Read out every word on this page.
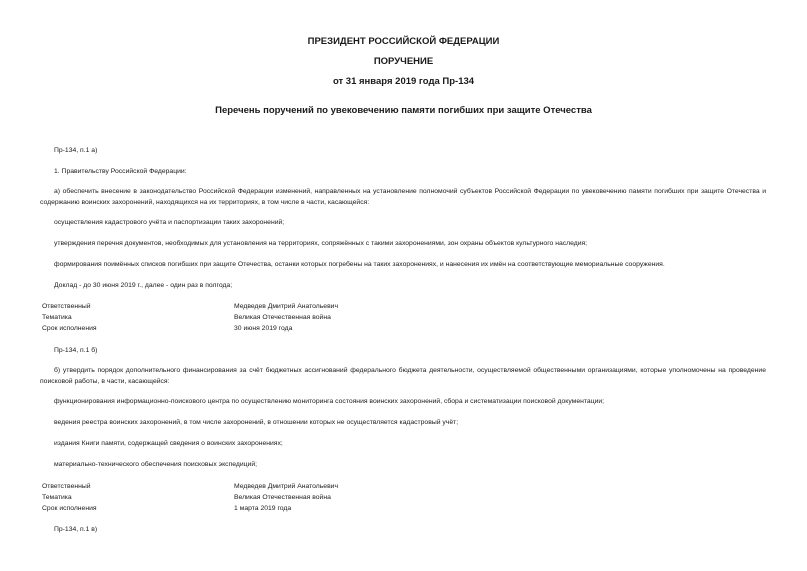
ПРЕЗИДЕНТ РОССИЙСКОЙ ФЕДЕРАЦИИ
ПОРУЧЕНИЕ
от 31 января 2019 года Пр-134
Перечень поручений по увековечению памяти погибших при защите Отечества
Пр-134, п.1 а)
1. Правительству Российской Федерации:
а) обеспечить внесение в законодательство Российской Федерации изменений, направленных на установление полномочий субъектов Российской Федерации по увековечению памяти погибших при защите Отечества и содержанию воинских захоронений, находящихся на их территориях, в том числе в части, касающейся:
осуществления кадастрового учёта и паспортизации таких захоронений;
утверждения перечня документов, необходимых для установления на территориях, сопряжённых с такими захоронениями, зон охраны объектов культурного наследия;
формирования поимённых списков погибших при защите Отечества, останки которых погребены на таких захоронениях, и нанесения их имён на соответствующие мемориальные сооружения.
Доклад - до 30 июня 2019 г., далее - один раз в полгода;
Ответственный	Медведев Дмитрий Анатольевич
Тематика	Великая Отечественная война
Срок исполнения	30 июня 2019 года
Пр-134, п.1 б)
б) утвердить порядок дополнительного финансирования за счёт бюджетных ассигнований федерального бюджета деятельности, осуществляемой общественными организациями, которые уполномочены на проведение поисковой работы, в части, касающейся:
функционирования информационно-поискового центра по осуществлению мониторинга состояния воинских захоронений, сбора и систематизации поисковой документации;
ведения реестра воинских захоронений, в том числе захоронений, в отношении которых не осуществляется кадастровый учёт;
издания Книги памяти, содержащей сведения о воинских захоронениях;
материально-технического обеспечения поисковых экспедиций;
Ответственный	Медведев Дмитрий Анатольевич
Тематика	Великая Отечественная война
Срок исполнения	1 марта 2019 года
Пр-134, п.1 в)
